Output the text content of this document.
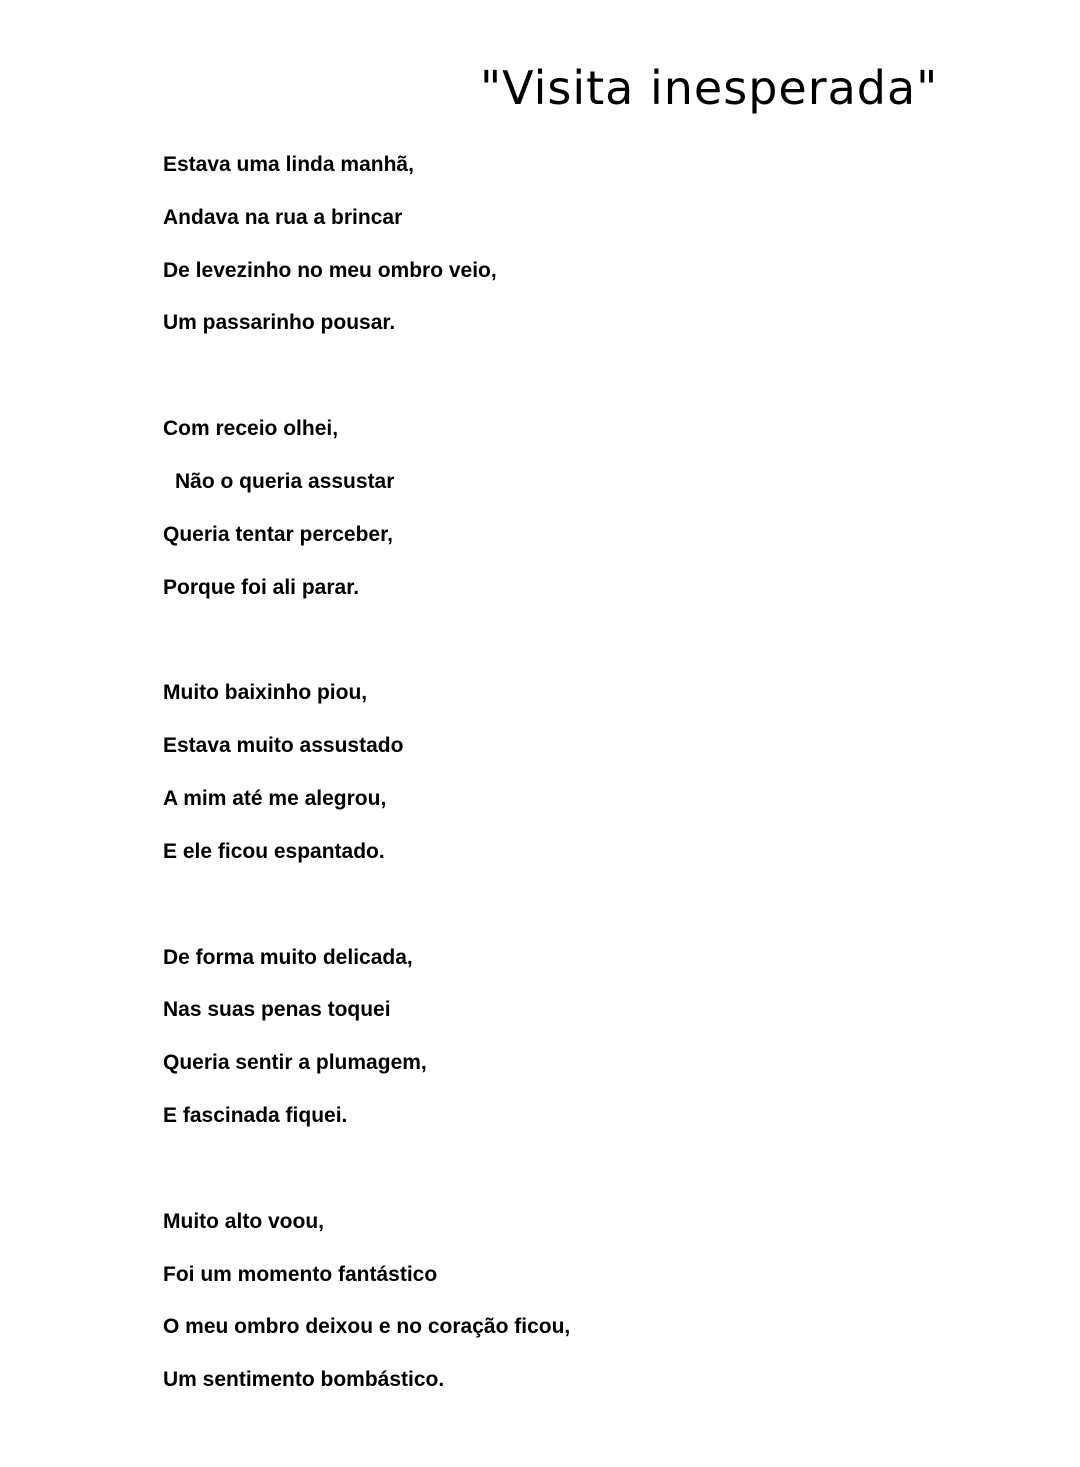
"Visita inesperada"
Estava uma linda manhã,
Andava na rua a brincar
De levezinho no meu ombro veio,
Um passarinho pousar.
Com receio olhei,
Não o queria assustar
Queria tentar perceber,
Porque foi ali parar.
Muito baixinho piou,
Estava muito assustado
A mim até me alegrou,
E ele ficou espantado.
De forma muito delicada,
Nas suas penas toquei
Queria sentir a plumagem,
E fascinada fiquei.
Muito alto voou,
Foi um momento fantástico
O meu ombro deixou e no coração ficou,
Um sentimento bombástico.
